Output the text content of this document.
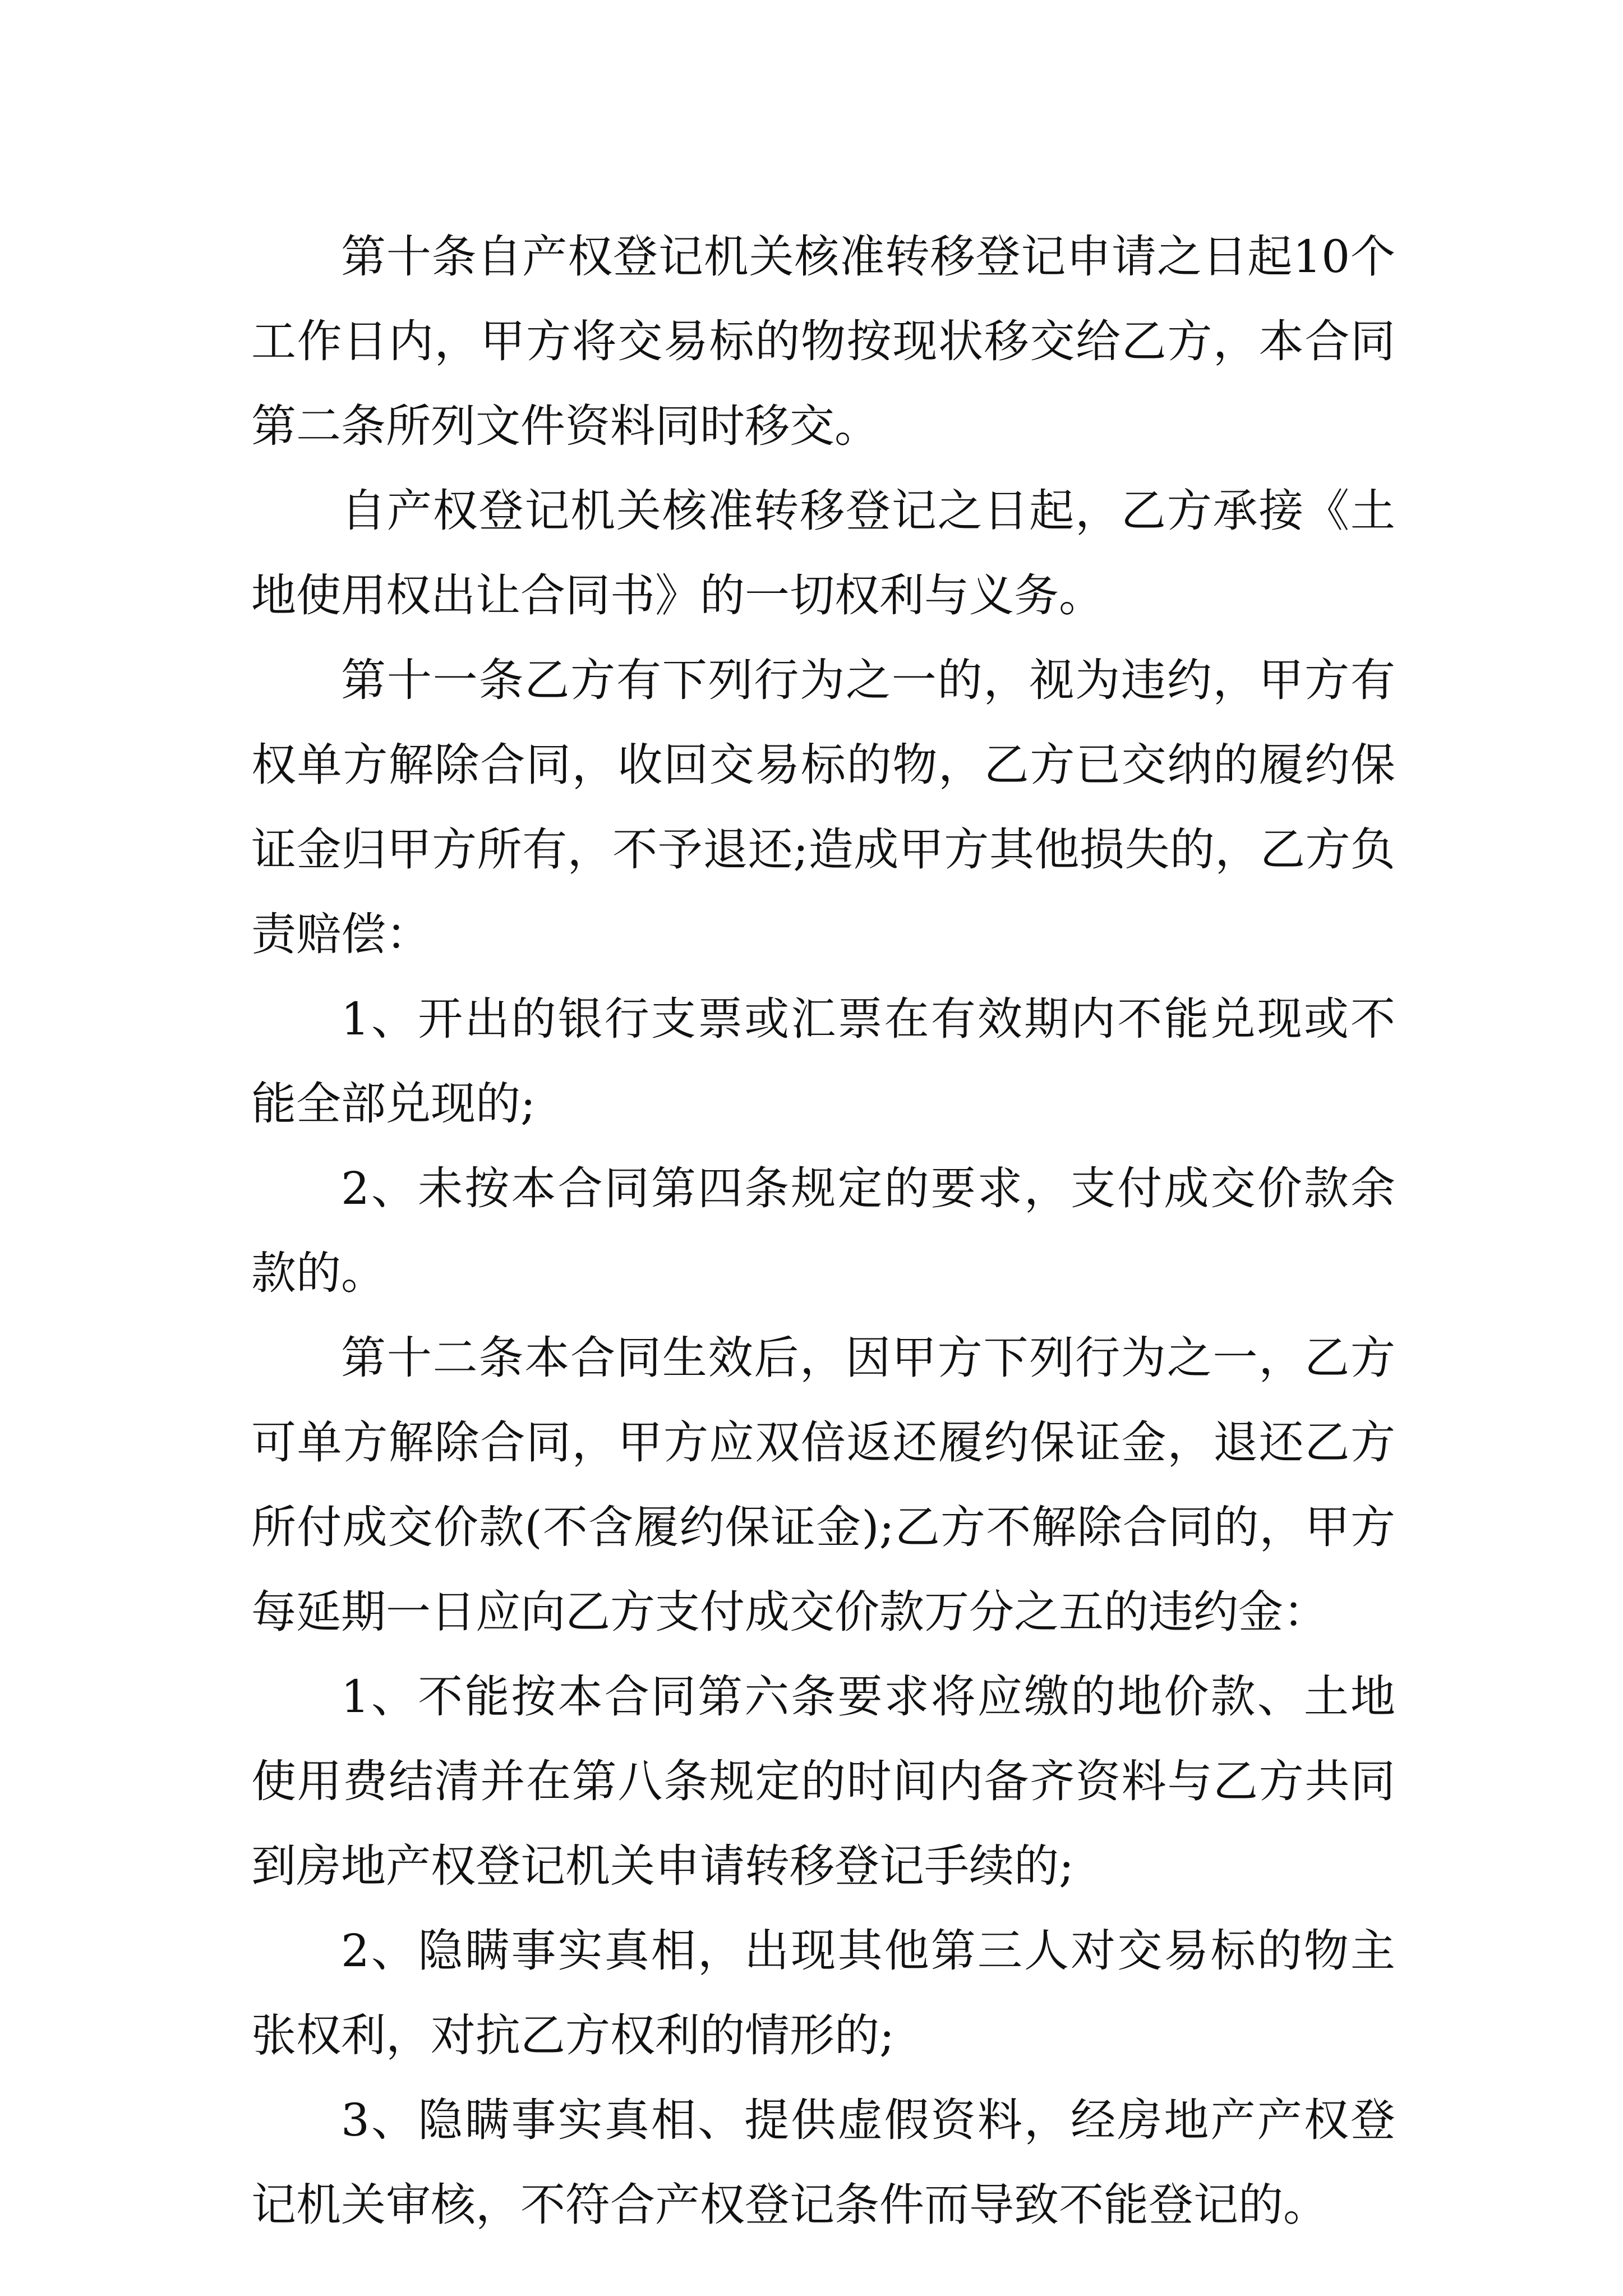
第十条自产权登记机关核准转移登记申请之日起10个工作日内，甲方将交易标的物按现状移交给乙方，本合同第二条所列文件资料同时移交。

自产权登记机关核准转移登记之日起，乙方承接《土地使用权出让合同书》的一切权利与义务。

第十一条乙方有下列行为之一的，视为违约，甲方有权单方解除合同，收回交易标的物，乙方已交纳的履约保证金归甲方所有，不予退还;造成甲方其他损失的，乙方负责赔偿：

1、开出的银行支票或汇票在有效期内不能兑现或不能全部兑现的;

2、未按本合同第四条规定的要求，支付成交价款余款的。

第十二条本合同生效后，因甲方下列行为之一，乙方可单方解除合同，甲方应双倍返还履约保证金，退还乙方所付成交价款(不含履约保证金);乙方不解除合同的，甲方每延期一日应向乙方支付成交价款万分之五的违约金：

1、不能按本合同第六条要求将应缴的地价款、土地使用费结清并在第八条规定的时间内备齐资料与乙方共同到房地产权登记机关申请转移登记手续的;

2、隐瞒事实真相，出现其他第三人对交易标的物主张权利，对抗乙方权利的情形的;

3、隐瞒事实真相、提供虚假资料，经房地产产权登记机关审核，不符合产权登记条件而导致不能登记的。
